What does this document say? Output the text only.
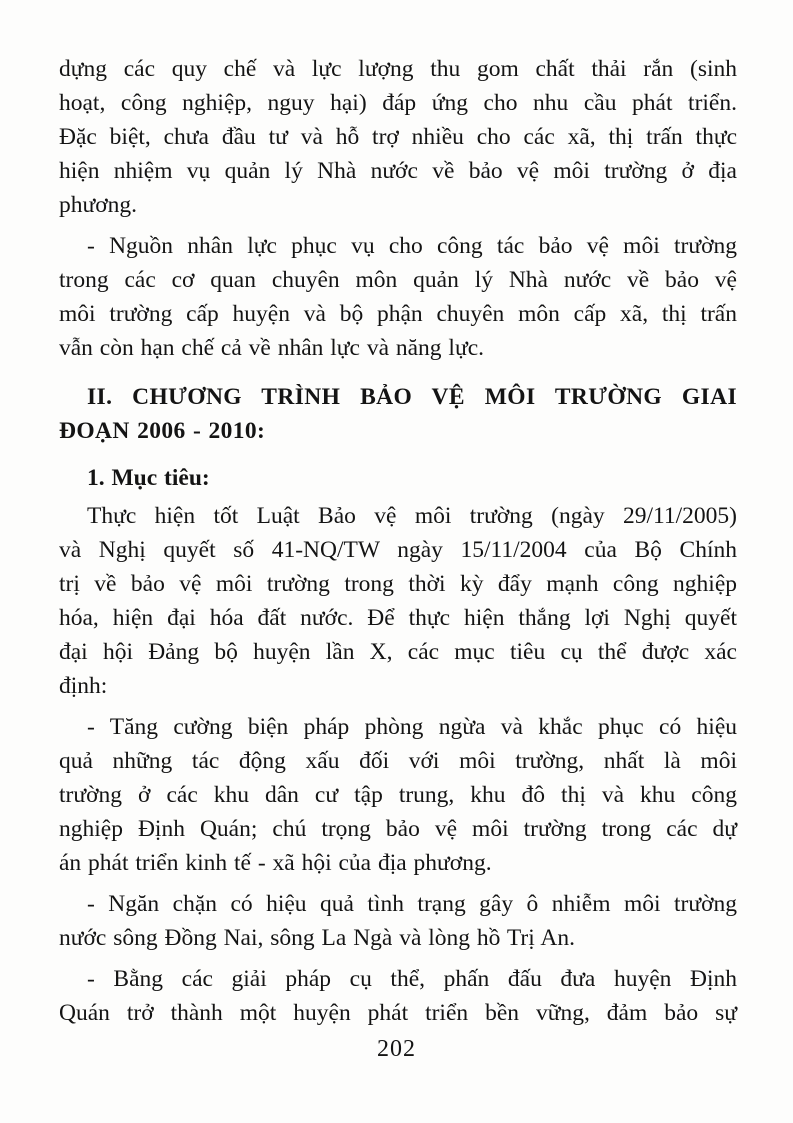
dựng các quy chế và lực lượng thu gom chất thải rắn (sinh
hoạt, công nghiệp, nguy hại) đáp ứng cho nhu cầu phát triển.
Đặc biệt, chưa đầu tư và hỗ trợ nhiều cho các xã, thị trấn thực
hiện nhiệm vụ quản lý Nhà nước về bảo vệ môi trường ở địa
phương.
- Nguồn nhân lực phục vụ cho công tác bảo vệ môi trường
trong các cơ quan chuyên môn quản lý Nhà nước về bảo vệ
môi trường cấp huyện và bộ phận chuyên môn cấp xã, thị trấn
vẫn còn hạn chế cả về nhân lực và năng lực.
II. CHƯƠNG TRÌNH BẢO VỆ MÔI TRƯỜNG GIAI
ĐOẠN 2006 - 2010:
1. Mục tiêu:
Thực hiện tốt Luật Bảo vệ môi trường (ngày 29/11/2005)
và Nghị quyết số 41-NQ/TW ngày 15/11/2004 của Bộ Chính
trị về bảo vệ môi trường trong thời kỳ đẩy mạnh công nghiệp
hóa, hiện đại hóa đất nước. Để thực hiện thắng lợi Nghị quyết
đại hội Đảng bộ huyện lần X, các mục tiêu cụ thể được xác
định:
- Tăng cường biện pháp phòng ngừa và khắc phục có hiệu
quả những tác động xấu đối với môi trường, nhất là môi
trường ở các khu dân cư tập trung, khu đô thị và khu công
nghiệp Định Quán; chú trọng bảo vệ môi trường trong các dự
án phát triển kinh tế - xã hội của địa phương.
- Ngăn chặn có hiệu quả tình trạng gây ô nhiễm môi trường
nước sông Đồng Nai, sông La Ngà và lòng hồ Trị An.
- Bằng các giải pháp cụ thể, phấn đấu đưa huyện Định
Quán trở thành một huyện phát triển bền vững, đảm bảo sự
202
